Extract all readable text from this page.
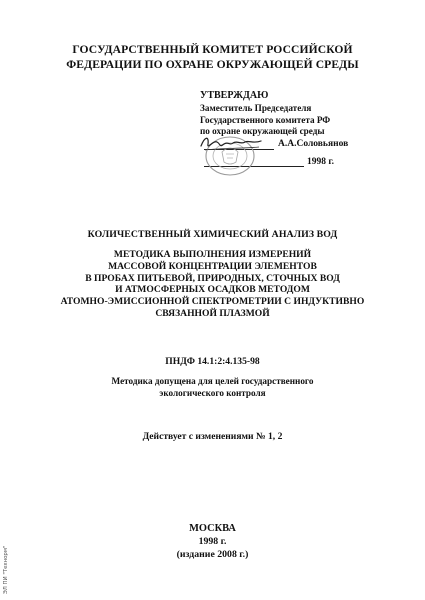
ГОСУДАРСТВЕННЫЙ КОМИТЕТ РОССИЙСКОЙ
ФЕДЕРАЦИИ ПО ОХРАНЕ ОКРУЖАЮЩЕЙ СРЕДЫ
УТВЕРЖДАЮ
Заместитель Председателя
Государственного комитета РФ
по охране окружающей среды
А.А.Соловьянов
1998 г.
КОЛИЧЕСТВЕННЫЙ ХИМИЧЕСКИЙ АНАЛИЗ ВОД
МЕТОДИКА ВЫПОЛНЕНИЯ ИЗМЕРЕНИЙ
МАССОВОЙ КОНЦЕНТРАЦИИ ЭЛЕМЕНТОВ
В ПРОБАХ ПИТЬЕВОЙ, ПРИРОДНЫХ, СТОЧНЫХ ВОД
И АТМОСФЕРНЫХ ОСАДКОВ МЕТОДОМ
АТОМНО-ЭМИССИОННОЙ СПЕКТРОМЕТРИИ С ИНДУКТИВНО
СВЯЗАННОЙ ПЛАЗМОЙ
ПНДФ 14.1:2:4.135-98
Методика допущена для целей государственного
экологического контроля
Действует с изменениями № 1, 2
МОСКВА
1998 г.
(издание 2008 г.)
ЭЛ ПИ "Технорм"
